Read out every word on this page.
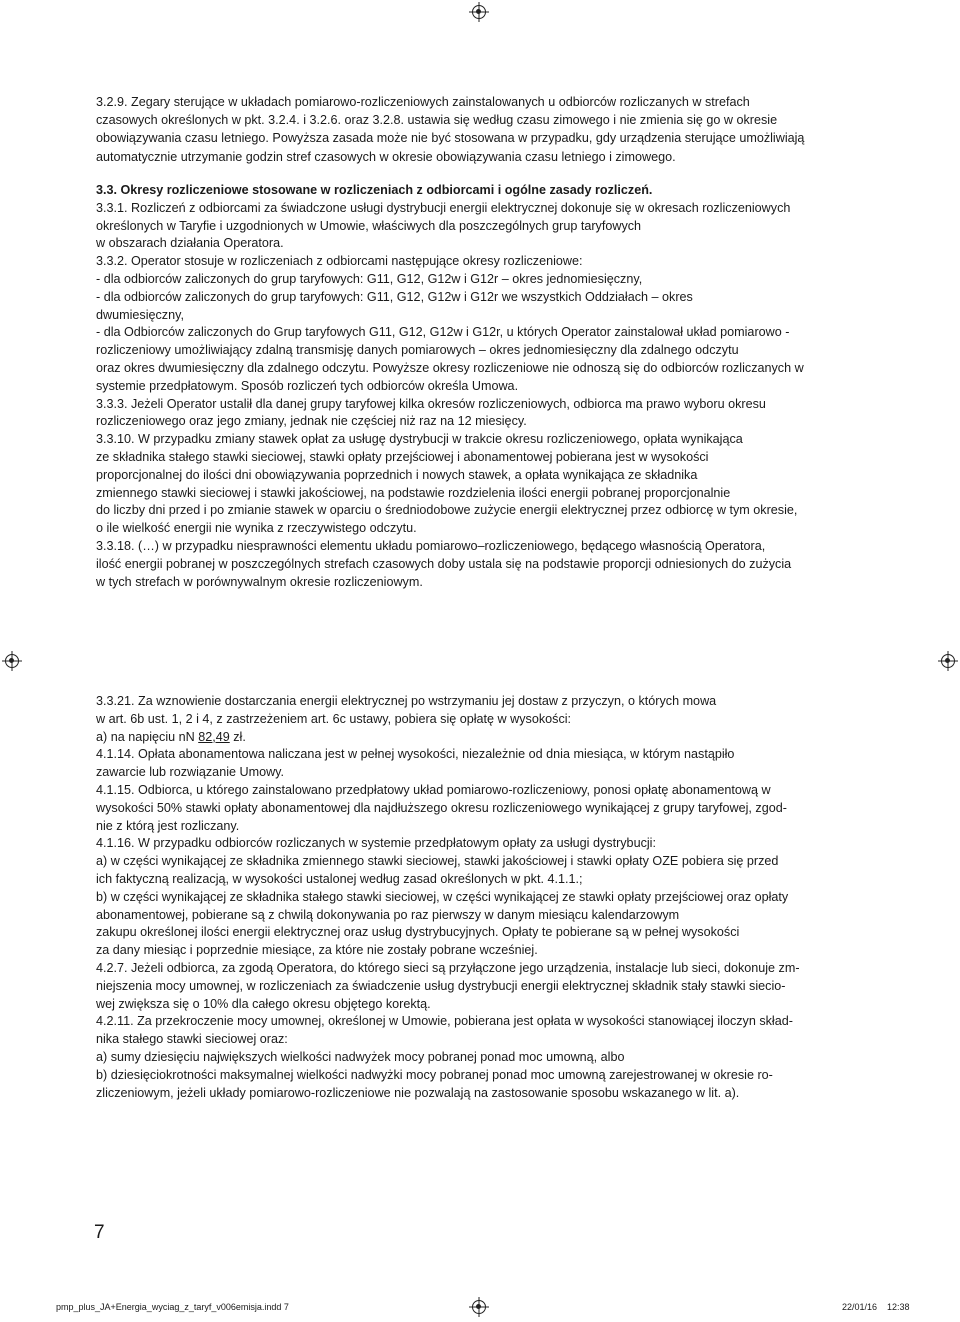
3.2.9. Zegary sterujące w układach pomiarowo-rozliczeniowych zainstalowanych u odbiorców rozliczanych w strefach
czasowych określonych w pkt. 3.2.4. i 3.2.6. oraz 3.2.8. ustawia się według czasu zimowego i nie zmienia się go w okresie
obowiązywania czasu letniego. Powyższa zasada może nie być stosowana w przypadku, gdy urządzenia sterujące umożliwiają
automatycznie utrzymanie godzin stref czasowych w okresie obowiązywania czasu letniego i zimowego.
3.3. Okresy rozliczeniowe stosowane w rozliczeniach z odbiorcami i ogólne zasady rozliczeń.
3.3.1. Rozliczeń z odbiorcami za świadczone usługi dystrybucji energii elektrycznej dokonuje się w okresach rozliczeniowych
określonych w Taryfie i uzgodnionych w Umowie, właściwych dla poszczególnych grup taryfowych
w obszarach działania Operatora.
3.3.2. Operator stosuje w rozliczeniach z odbiorcami następujące okresy rozliczeniowe:
- dla odbiorców zaliczonych do grup taryfowych: G11, G12, G12w i G12r – okres jednomiesięczny,
- dla odbiorców zaliczonych do grup taryfowych: G11, G12, G12w i G12r we wszystkich Oddziałach – okres
dwumiesięczny,
- dla Odbiorców zaliczonych do Grup taryfowych G11, G12, G12w i G12r, u których Operator zainstalował układ pomiarowo -
rozliczeniowy umożliwiający zdalną transmisję danych pomiarowych – okres jednomiesięczny dla zdalnego odczytu
oraz okres dwumiesięczny dla zdalnego odczytu. Powyższe okresy rozliczeniowe nie odnoszą się do odbiorców rozliczanych w
systemie przedpłatowym. Sposób rozliczeń tych odbiorców określa Umowa.
3.3.3. Jeżeli Operator ustalił dla danej grupy taryfowej kilka okresów rozliczeniowych, odbiorca ma prawo wyboru okresu
rozliczeniowego oraz jego zmiany, jednak nie częściej niż raz na 12 miesięcy.
3.3.10. W przypadku zmiany stawek opłat za usługę dystrybucji w trakcie okresu rozliczeniowego, opłata wynikająca
ze składnika stałego stawki sieciowej, stawki opłaty przejściowej i abonamentowej pobierana jest w wysokości
proporcjonalnej do ilości dni obowiązywania poprzednich i nowych stawek, a opłata wynikająca ze składnika
zmiennego stawki sieciowej i stawki jakościowej, na podstawie rozdzielenia ilości energii pobranej proporcjonalnie
do liczby dni przed i po zmianie stawek w oparciu o średniodobowe zużycie energii elektrycznej przez odbiorcę w tym okresie,
o ile wielkość energii nie wynika z rzeczywistego odczytu.
3.3.18. (…) w przypadku niesprawności elementu układu pomiarowo–rozliczeniowego, będącego własnością Operatora,
ilość energii pobranej w poszczególnych strefach czasowych doby ustala się na podstawie proporcji odniesionych do zużycia
w tych strefach w porównywalnym okresie rozliczeniowym.
3.3.21. Za wznowienie dostarczania energii elektrycznej po wstrzymaniu jej dostaw z przyczyn, o których mowa
w art. 6b ust. 1, 2 i 4, z zastrzeżeniem art. 6c ustawy, pobiera się opłatę w wysokości:
a) na napięciu nN 82,49 zł.
4.1.14. Opłata abonamentowa naliczana jest w pełnej wysokości, niezależnie od dnia miesiąca, w którym nastąpiło
zawarcie lub rozwiązanie Umowy.
4.1.15. Odbiorca, u którego zainstalowano przedpłatowy układ pomiarowo-rozliczeniowy, ponosi opłatę abonamentową w
wysokości 50% stawki opłaty abonamentowej dla najdłuższego okresu rozliczeniowego wynikającej z grupy taryfowej, zgod-
nie z którą jest rozliczany.
4.1.16. W przypadku odbiorców rozliczanych w systemie przedpłatowym opłaty za usługi dystrybucji:
a) w części wynikającej ze składnika zmiennego stawki sieciowej, stawki jakościowej i stawki opłaty OZE pobiera się przed
ich faktyczną realizacją, w wysokości ustalonej według zasad określonych w pkt. 4.1.1.;
b) w części wynikającej ze składnika stałego stawki sieciowej, w części wynikającej ze stawki opłaty przejściowej oraz opłaty
abonamentowej, pobierane są z chwilą dokonywania po raz pierwszy w danym miesiącu kalendarzowym
zakupu określonej ilości energii elektrycznej oraz usług dystrybucyjnych. Opłaty te pobierane są w pełnej wysokości
za dany miesiąc i poprzednie miesiące, za które nie zostały pobrane wcześniej.
4.2.7. Jeżeli odbiorca, za zgodą Operatora, do którego sieci są przyłączone jego urządzenia, instalacje lub sieci, dokonuje zm-
niejszenia mocy umownej, w rozliczeniach za świadczenie usług dystrybucji energii elektrycznej składnik stały stawki siecio-
wej zwiększa się o 10% dla całego okresu objętego korektą.
4.2.11. Za przekroczenie mocy umownej, określonej w Umowie, pobierana jest opłata w wysokości stanowiącej iloczyn skład-
nika stałego stawki sieciowej oraz:
a) sumy dziesięciu największych wielkości nadwyżek mocy pobranej ponad moc umowną, albo
b) dziesięciokrotności maksymalnej wielkości nadwyżki mocy pobranej ponad moc umowną zarejestrowanej w okresie ro-
zliczeniowym, jeżeli układy pomiarowo-rozliczeniowe nie pozwalają na zastosowanie sposobu wskazanego w lit. a).
7
pmp_plus_JA+Energia_wyciag_z_taryf_v006emisja.indd 7	22/01/16 12:38
